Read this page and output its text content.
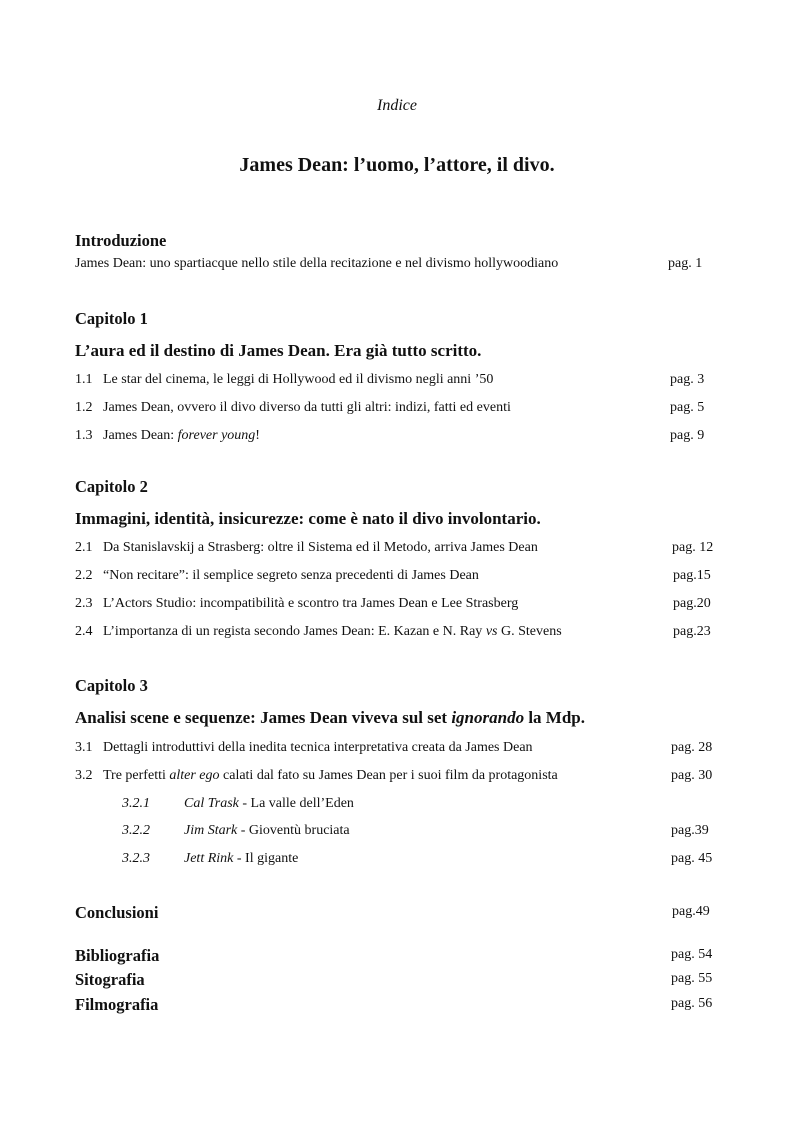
Indice
James Dean: l’uomo, l’attore, il divo.
Introduzione
James Dean: uno spartiacque nello stile della recitazione e nel divismo hollywoodiano	pag. 1
Capitolo 1
L’aura ed il destino di James Dean. Era già tutto scritto.
1.1 Le star del cinema, le leggi di Hollywood ed il divismo negli anni ’50	pag. 3
1.2 James Dean, ovvero il divo diverso da tutti gli altri: indizi, fatti ed eventi	pag. 5
1.3 James Dean: forever young!	pag. 9
Capitolo 2
Immagini, identità, insicurezze: come è nato il divo involontario.
2.1 Da Stanislavskij a Strasberg: oltre il Sistema ed il Metodo, arriva James Dean	pag. 12
2.2 “Non recitare”: il semplice segreto senza precedenti di James Dean	pag.15
2.3 L’Actors Studio: incompatibilità e scontro tra James Dean e Lee Strasberg	pag.20
2.4 L’importanza di un regista secondo James Dean: E. Kazan e N. Ray vs G. Stevens	pag.23
Capitolo 3
Analisi scene e sequenze: James Dean viveva sul set ignorando la Mdp.
3.1 Dettagli introduttivi della inedita tecnica interpretativa creata da James Dean	pag. 28
3.2 Tre perfetti alter ego calati dal fato su James Dean per i suoi film da protagonista	pag. 30
3.2.1 Cal Trask - La valle dell’Eden
3.2.2 Jim Stark - Gioventù bruciata	pag.39
3.2.3 Jett Rink - Il gigante	pag. 45
Conclusioni	pag.49
Bibliografia	pag. 54
Sitografia	pag. 55
Filmografia	pag. 56
